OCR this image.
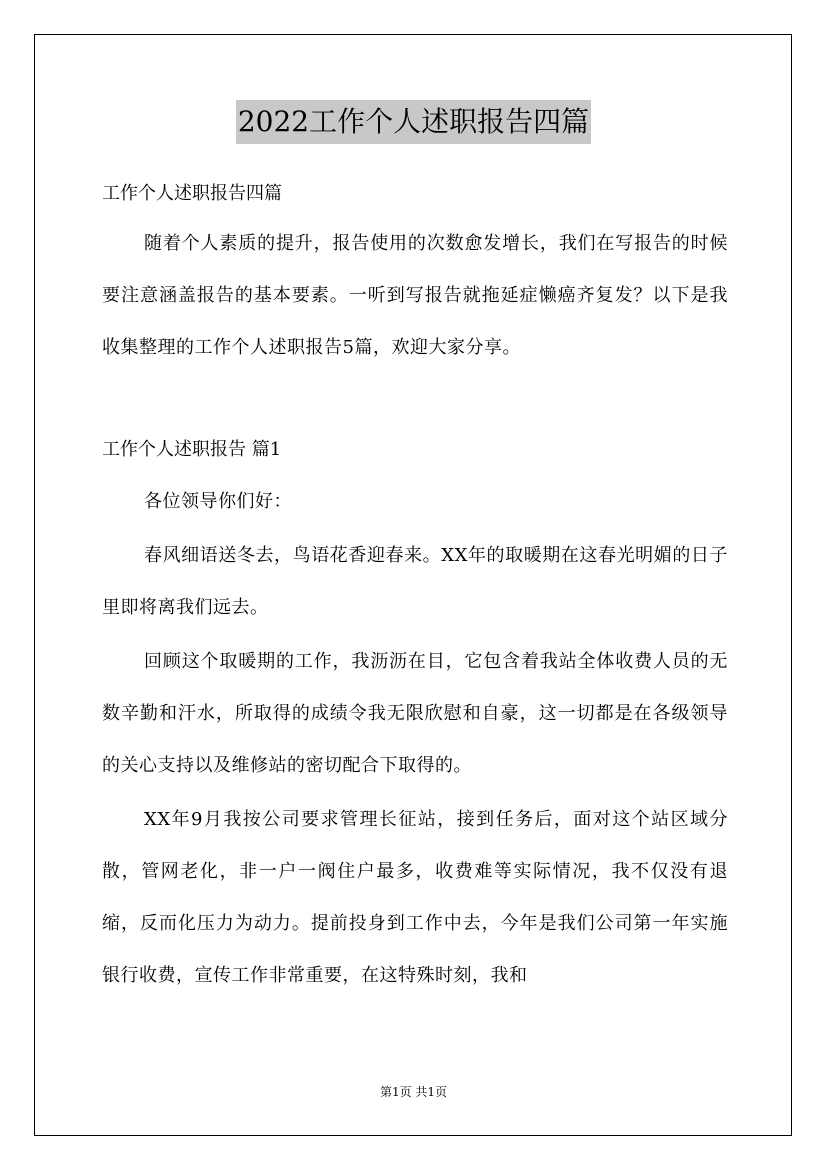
2022工作个人述职报告四篇

工作个人述职报告四篇

随着个人素质的提升，报告使用的次数愈发增长，我们在写报告的时候要注意涵盖报告的基本要素。一听到写报告就拖延症懒癌齐复发？以下是我收集整理的工作个人述职报告5篇，欢迎大家分享。

工作个人述职报告 篇1

各位领导你们好：

春风细语送冬去，鸟语花香迎春来。XX年的取暖期在这春光明媚的日子里即将离我们远去。

回顾这个取暖期的工作，我沥沥在目，它包含着我站全体收费人员的无数辛勤和汗水，所取得的成绩令我无限欣慰和自豪，这一切都是在各级领导的关心支持以及维修站的密切配合下取得的。

XX年9月我按公司要求管理长征站，接到任务后，面对这个站区域分散，管网老化，非一户一阀住户最多，收费难等实际情况，我不仅没有退缩，反而化压力为动力。提前投身到工作中去，今年是我们公司第一年实施银行收费，宣传工作非常重要，在这特殊时刻，我和

第1页 共1页
